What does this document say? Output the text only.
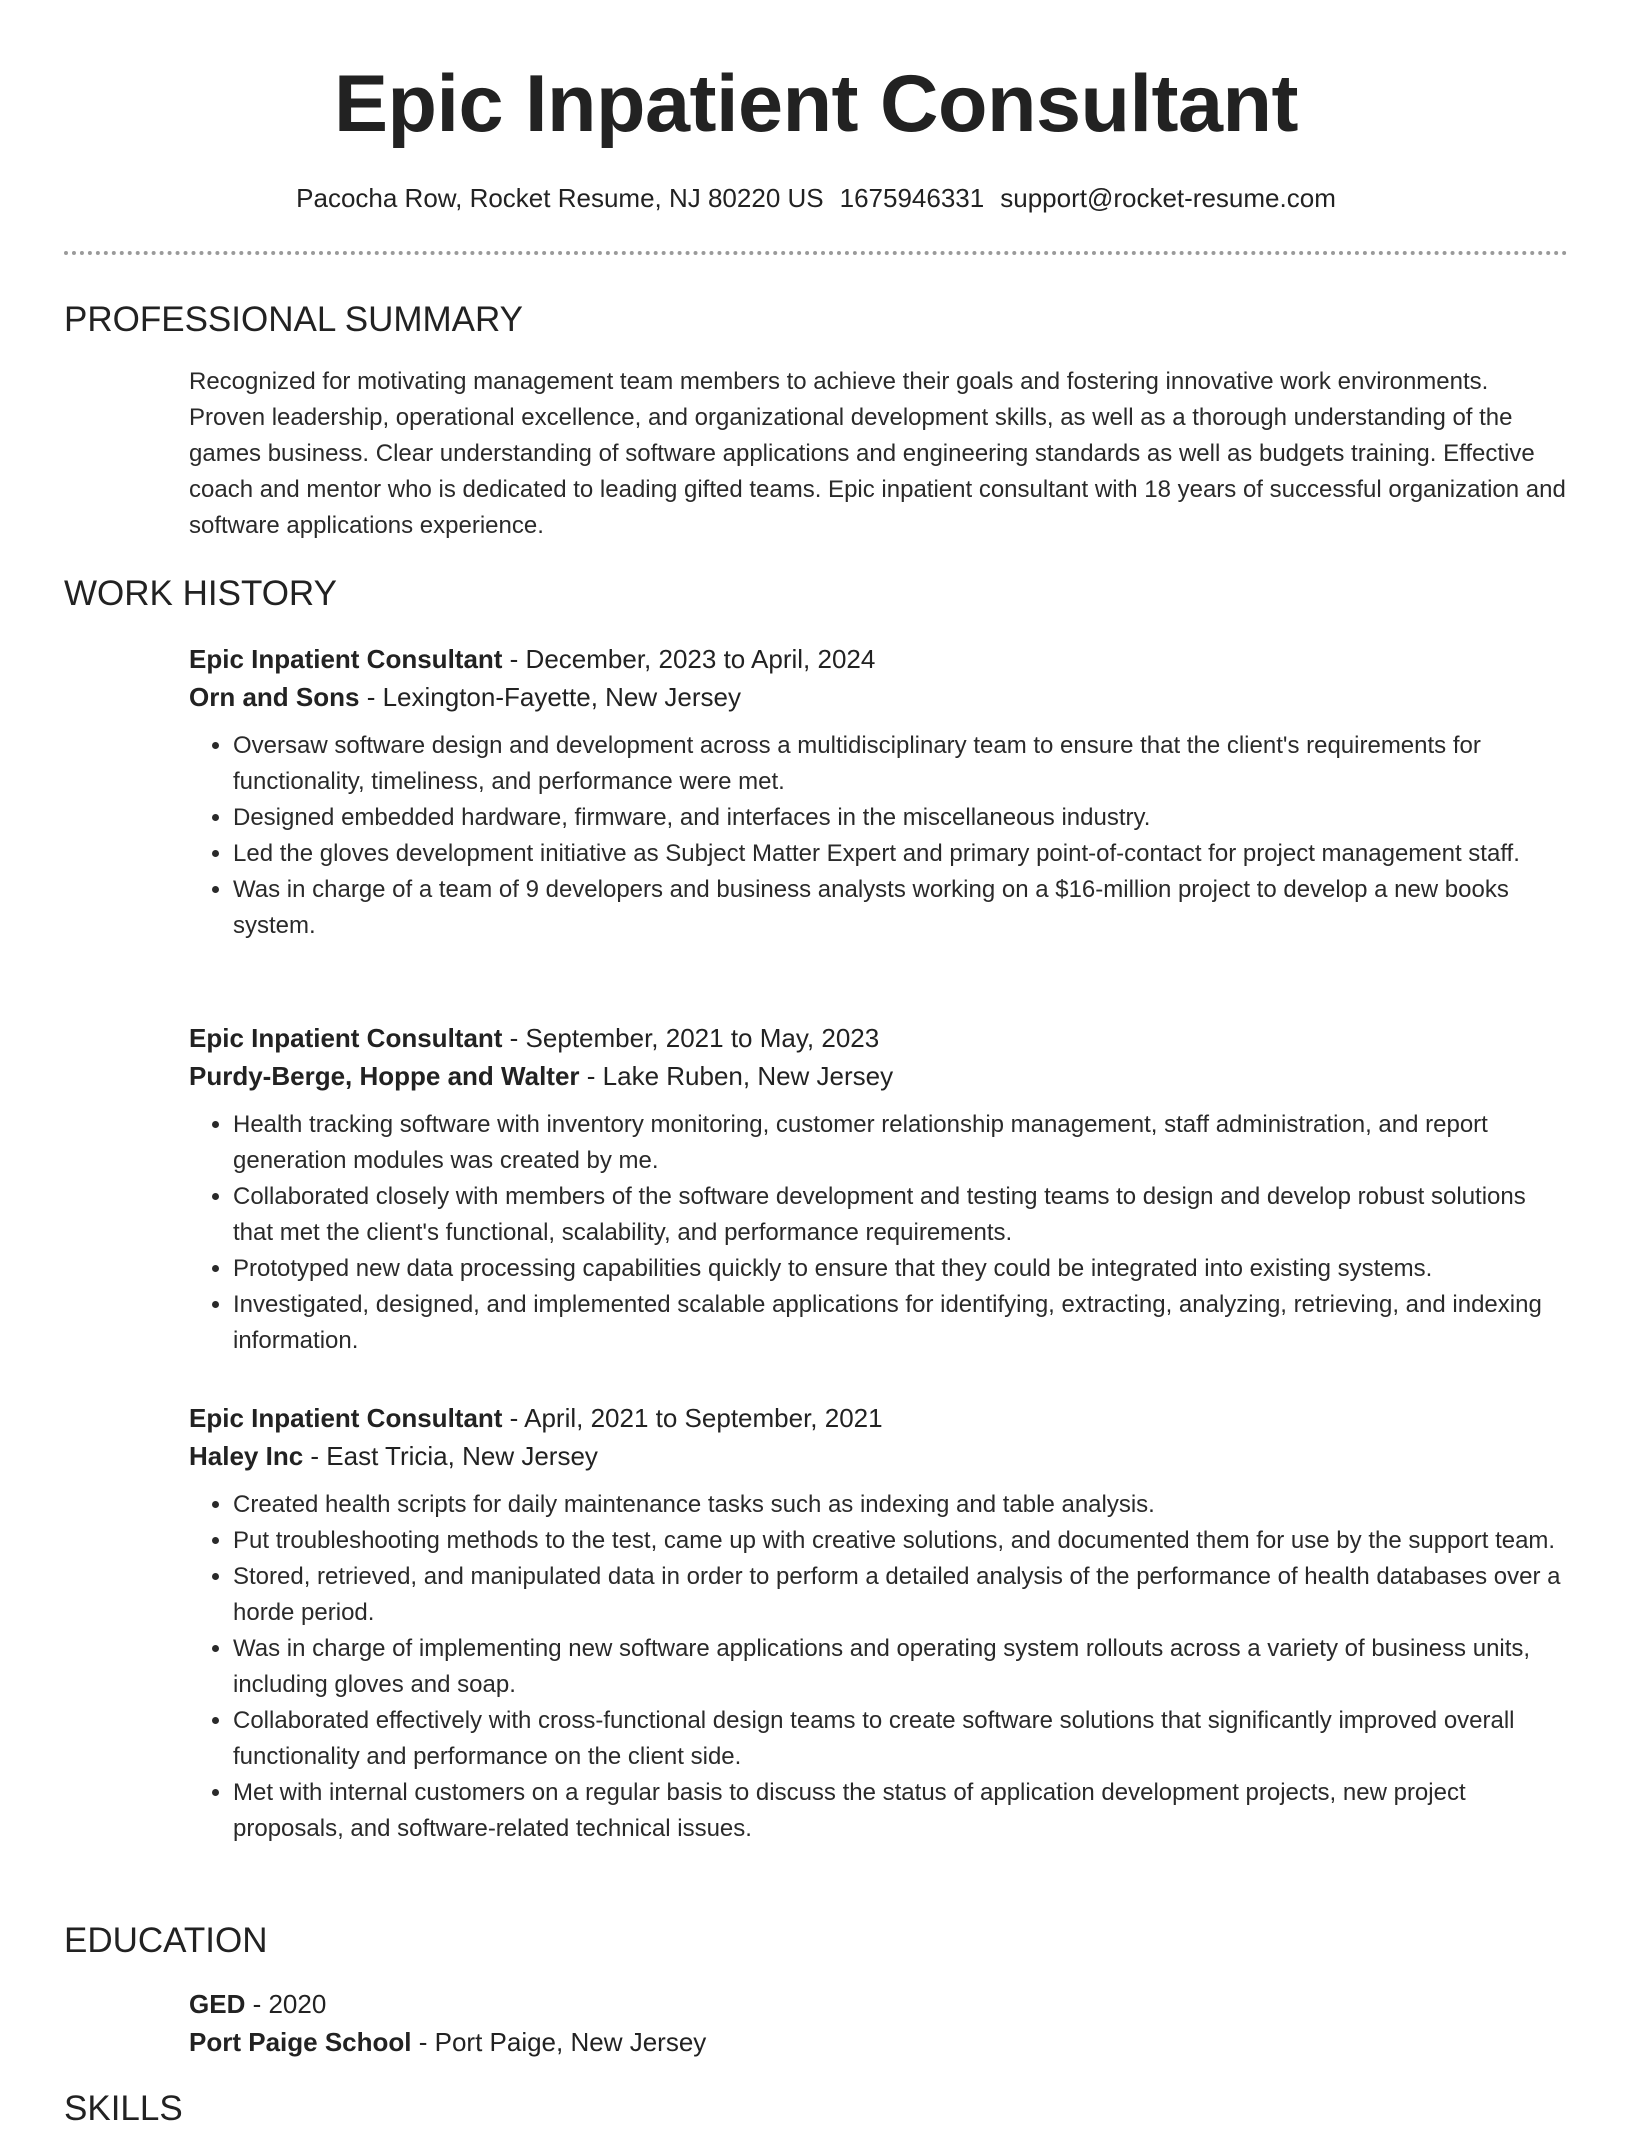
Epic Inpatient Consultant
Pacocha Row, Rocket Resume, NJ 80220 US 1675946331 support@rocket-resume.com
PROFESSIONAL SUMMARY

Recognized for motivating management team members to achieve their goals and fostering innovative work environments. Proven leadership, operational excellence, and organizational development skills, as well as a thorough understanding of the games business. Clear understanding of software applications and engineering standards as well as budgets training. Effective coach and mentor who is dedicated to leading gifted teams. Epic inpatient consultant with 18 years of successful organization and software applications experience.

WORK HISTORY

Epic Inpatient Consultant - December, 2023 to April, 2024

Orn and Sons - Lexington-Fayette, New Jersey

• Oversaw software design and development across a multidisciplinary team to ensure that the client's requirements for functionality, timeliness, and performance were met.
• Designed embedded hardware, firmware, and interfaces in the miscellaneous industry.
• Led the gloves development initiative as Subject Matter Expert and primary point-of-contact for project management staff.
• Was in charge of a team of 9 developers and business analysts working on a $16-million project to develop a new books system.

Epic Inpatient Consultant - September, 2021 to May, 2023

Purdy-Berge, Hoppe and Walter - Lake Ruben, New Jersey

• Health tracking software with inventory monitoring, customer relationship management, staff administration, and report generation modules was created by me.
• Collaborated closely with members of the software development and testing teams to design and develop robust solutions that met the client's functional, scalability, and performance requirements.
• Prototyped new data processing capabilities quickly to ensure that they could be integrated into existing systems.
• Investigated, designed, and implemented scalable applications for identifying, extracting, analyzing, retrieving, and indexing information.

Epic Inpatient Consultant - April, 2021 to September, 2021

Haley Inc - East Tricia, New Jersey

• Created health scripts for daily maintenance tasks such as indexing and table analysis.
• Put troubleshooting methods to the test, came up with creative solutions, and documented them for use by the support team.
• Stored, retrieved, and manipulated data in order to perform a detailed analysis of the performance of health databases over a horde period.
• Was in charge of implementing new software applications and operating system rollouts across a variety of business units, including gloves and soap.
• Collaborated effectively with cross-functional design teams to create software solutions that significantly improved overall functionality and performance on the client side.
• Met with internal customers on a regular basis to discuss the status of application development projects, new project proposals, and software-related technical issues.
EDUCATION

GED - 2020

Port Paige School - Port Paige, New Jersey

SKILLS
